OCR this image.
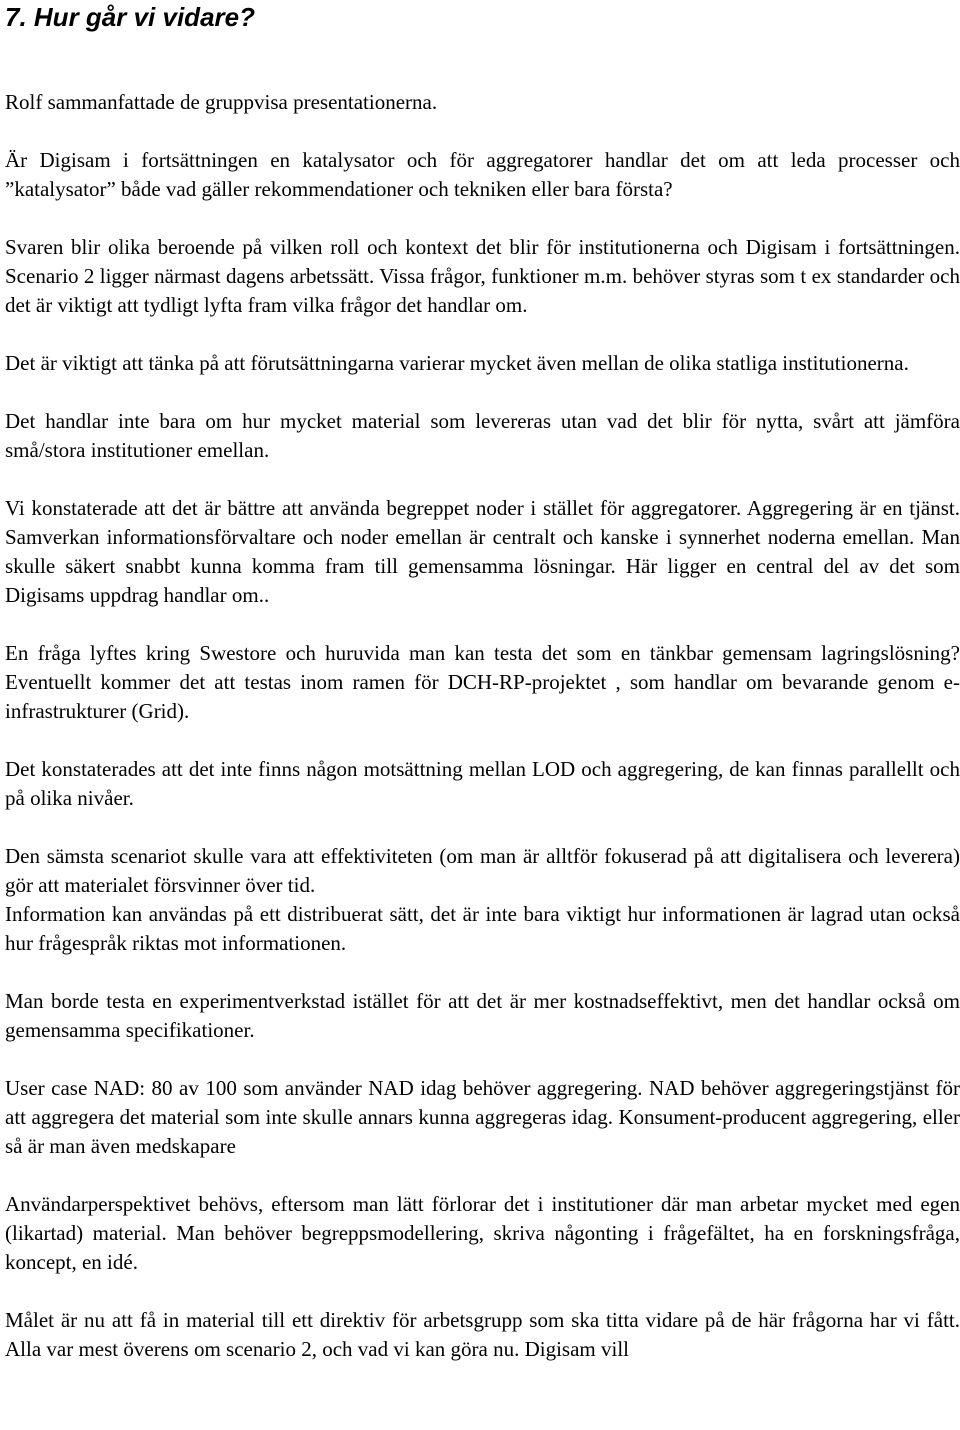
7. Hur går vi vidare?

Rolf sammanfattade de gruppvisa presentationerna.

Är Digisam i fortsättningen en katalysator och för aggregatorer handlar det om att leda processer och ”katalysator” både vad gäller rekommendationer och tekniken eller bara första?

Svaren blir olika beroende på vilken roll och kontext det blir för institutionerna och Digisam i fortsättningen. Scenario 2 ligger närmast dagens arbetssätt. Vissa frågor, funktioner m.m. behöver styras som t ex standarder och det är viktigt att tydligt lyfta fram vilka frågor det handlar om.

Det är viktigt att tänka på att förutsättningarna varierar mycket även mellan de olika statliga institutionerna.

Det handlar inte bara om hur mycket material som levereras utan vad det blir för nytta, svårt att jämföra små/stora institutioner emellan.

Vi konstaterade att det är bättre att använda begreppet noder i stället för aggregatorer. Aggregering är en tjänst. Samverkan informationsförvaltare och noder emellan är centralt och kanske i synnerhet noderna emellan. Man skulle säkert snabbt kunna komma fram till gemensamma lösningar. Här ligger en central del av det som Digisams uppdrag handlar om..

En fråga lyftes kring Swestore och huruvida man kan testa det som en tänkbar gemensam lagringslösning? Eventuellt kommer det att testas inom ramen för DCH-RP-projektet , som handlar om bevarande genom e-infrastrukturer (Grid).

Det konstaterades att det inte finns någon motsättning mellan LOD och aggregering, de kan finnas parallellt och på olika nivåer.

Den sämsta scenariot skulle vara att effektiviteten (om man är alltför fokuserad på att digitalisera och leverera) gör att materialet försvinner över tid.

Information kan användas på ett distribuerat sätt, det är inte bara viktigt hur informationen är lagrad utan också hur frågespråk riktas mot informationen.

Man borde testa en experimentverkstad istället för att det är mer kostnadseffektivt, men det handlar också om gemensamma specifikationer.

User case NAD: 80 av 100 som använder NAD idag behöver aggregering. NAD behöver aggregeringstjänst för att aggregera det material som inte skulle annars kunna aggregeras idag. Konsument-producent aggregering, eller så är man även medskapare

Användarperspektivet behövs, eftersom man lätt förlorar det i institutioner där man arbetar mycket med egen (likartad) material. Man behöver begreppsmodellering, skriva någonting i frågefältet, ha en forskningsfråga, koncept, en idé.

Målet är nu att få in material till ett direktiv för arbetsgrupp som ska titta vidare på de här frågorna har vi fått. Alla var mest överens om scenario 2, och vad vi kan göra nu. Digisam vill
